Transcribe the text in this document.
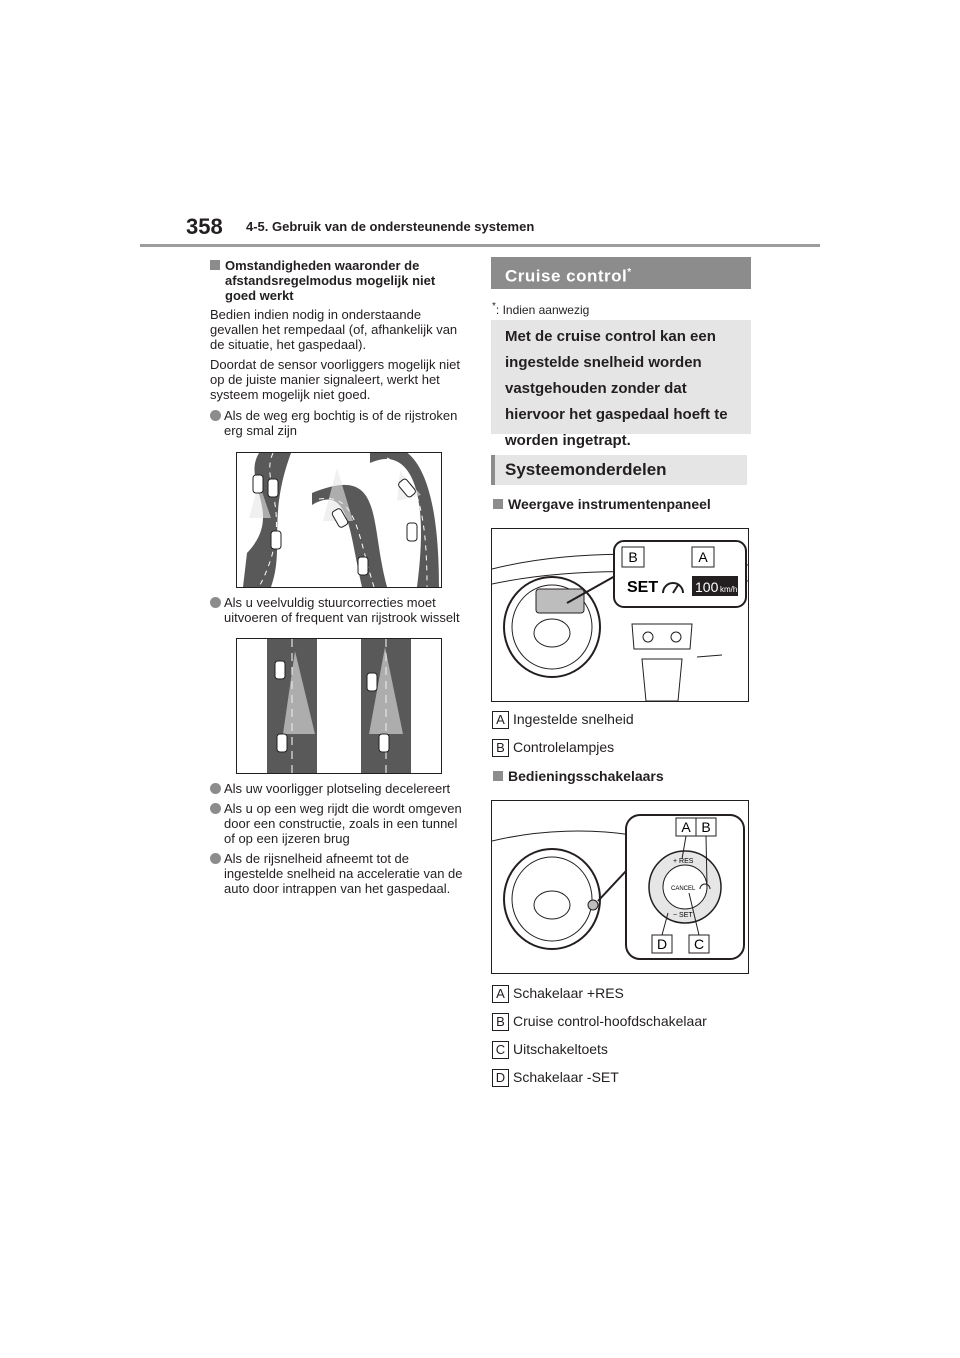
358 4-5. Gebruik van de ondersteunende systemen

Omstandigheden waaronder de afstandsregelmodus mogelijk niet goed werkt

Bedien indien nodig in onderstaande gevallen het rempedaal (of, afhankelijk van de situatie, het gaspedaal).

Doordat de sensor voorliggers mogelijk niet op de juiste manier signaleert, werkt het systeem mogelijk niet goed.

Als de weg erg bochtig is of de rijstroken erg smal zijn

Als u veelvuldig stuurcorrecties moet uitvoeren of frequent van rijstrook wisselt

Als uw voorligger plotseling decelereert

Als u op een weg rijdt die wordt omgeven door een constructie, zoals in een tunnel of op een ijzeren brug

Als de rijsnelheid afneemt tot de ingestelde snelheid na acceleratie van de auto door intrappen van het gaspedaal.

Cruise control*
*: Indien aanwezig
Met de cruise control kan een ingestelde snelheid worden vastgehouden zonder dat hiervoor het gaspedaal hoeft te worden ingetrapt.
Systeemonderdelen
Weergave instrumentenpaneel
B	A
SET	100 km/h
A Ingestelde snelheid
B Controlelampjes
Bedieningsschakelaars
+ RES
CANCEL
− SET
A B
D C
A Schakelaar +RES
B Cruise control-hoofdschakelaar
C Uitschakeltoets
D Schakelaar -SET
